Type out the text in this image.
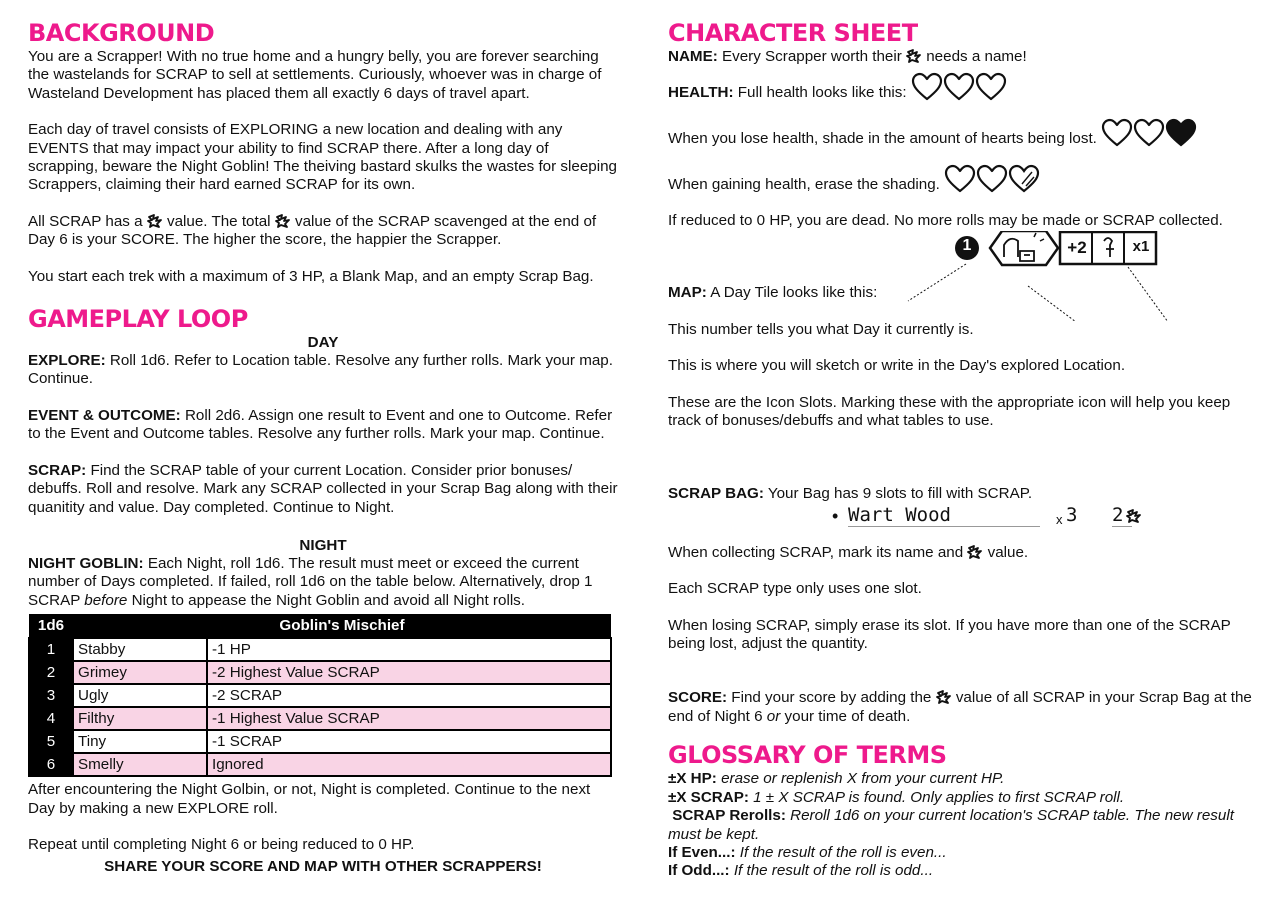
BACKGROUND

You are a Scrapper! With no true home and a hungry belly, you are forever searching the wastelands for SCRAP to sell at settlements. Curiously, whoever was in charge of Wasteland Development has placed them all exactly 6 days of travel apart.

Each day of travel consists of EXPLORING a new location and dealing with any EVENTS that may impact your ability to find SCRAP there. After a long day of scrapping, beware the Night Goblin! The theiving bastard skulks the wastes for sleeping Scrappers, claiming their hard earned SCRAP for its own.

All SCRAP has a  value. The total  value of the SCRAP scavenged at the end of Day 6 is your SCORE. The higher the score, the happier the Scrapper.

You start each trek with a maximum of 3 HP, a Blank Map, and an empty Scrap Bag.

GAMEPLAY LOOP
DAY

EXPLORE: Roll 1d6. Refer to Location table. Resolve any further rolls. Mark your map. Continue.

EVENT & OUTCOME: Roll 2d6. Assign one result to Event and one to Outcome. Refer to the Event and Outcome tables. Resolve any further rolls. Mark your map. Continue.

SCRAP: Find the SCRAP table of your current Location. Consider prior bonuses/ debuffs. Roll and resolve. Mark any SCRAP collected in your Scrap Bag along with their quanitity and value. Day completed. Continue to Night.

NIGHT

NIGHT GOBLIN: Each Night, roll 1d6. The result must meet or exceed the current number of Days completed. If failed, roll 1d6 on the table below. Alternatively, drop 1 SCRAP before Night to appease the Night Goblin and avoid all Night rolls.

1d6	Goblin's Mischief	
1	Stabby	-1 HP
2	Grimey	-2 Highest Value SCRAP
3	Ugly	-2 SCRAP
4	Filthy	-1 Highest Value SCRAP
5	Tiny	-1 SCRAP
6	Smelly	Ignored

After encountering the Night Golbin, or not, Night is completed. Continue to the next Day by making a new EXPLORE roll.

Repeat until completing Night 6 or being reduced to 0 HP.

SHARE YOUR SCORE AND MAP WITH OTHER SCRAPPERS!
CHARACTER SHEET

NAME: Every Scrapper worth their  needs a name!

HEALTH: Full health looks like this:

When you lose health, shade in the amount of hearts being lost.

When gaining health, erase the shading.

If reduced to 0 HP, you are dead. No more rolls may be made or SCRAP collected.

1	+2	x1

MAP: A Day Tile looks like this:

This number tells you what Day it currently is.

This is where you will sketch or write in the Day's explored Location.

These are the Icon Slots. Marking these with the appropriate icon will help you keep track of bonuses/debuffs and what tables to use.

SCRAP BAG: Your Bag has 9 slots to fill with SCRAP.

• Wart Wood	x 3 2

When collecting SCRAP, mark its name and  value.

Each SCRAP type only uses one slot.

When losing SCRAP, simply erase its slot. If you have more than one of the SCRAP being lost, adjust the quantity.

SCORE: Find your score by adding the  value of all SCRAP in your Scrap Bag at the end of Night 6 or your time of death.

GLOSSARY OF TERMS

±X HP: erase or replenish X from your current HP.

±X SCRAP: 1 ± X SCRAP is found. Only applies to first SCRAP roll.

SCRAP Rerolls: Reroll 1d6 on your current location's SCRAP table. The new result must be kept.

If Even...: If the result of the roll is even...

If Odd...: If the result of the roll is odd...
